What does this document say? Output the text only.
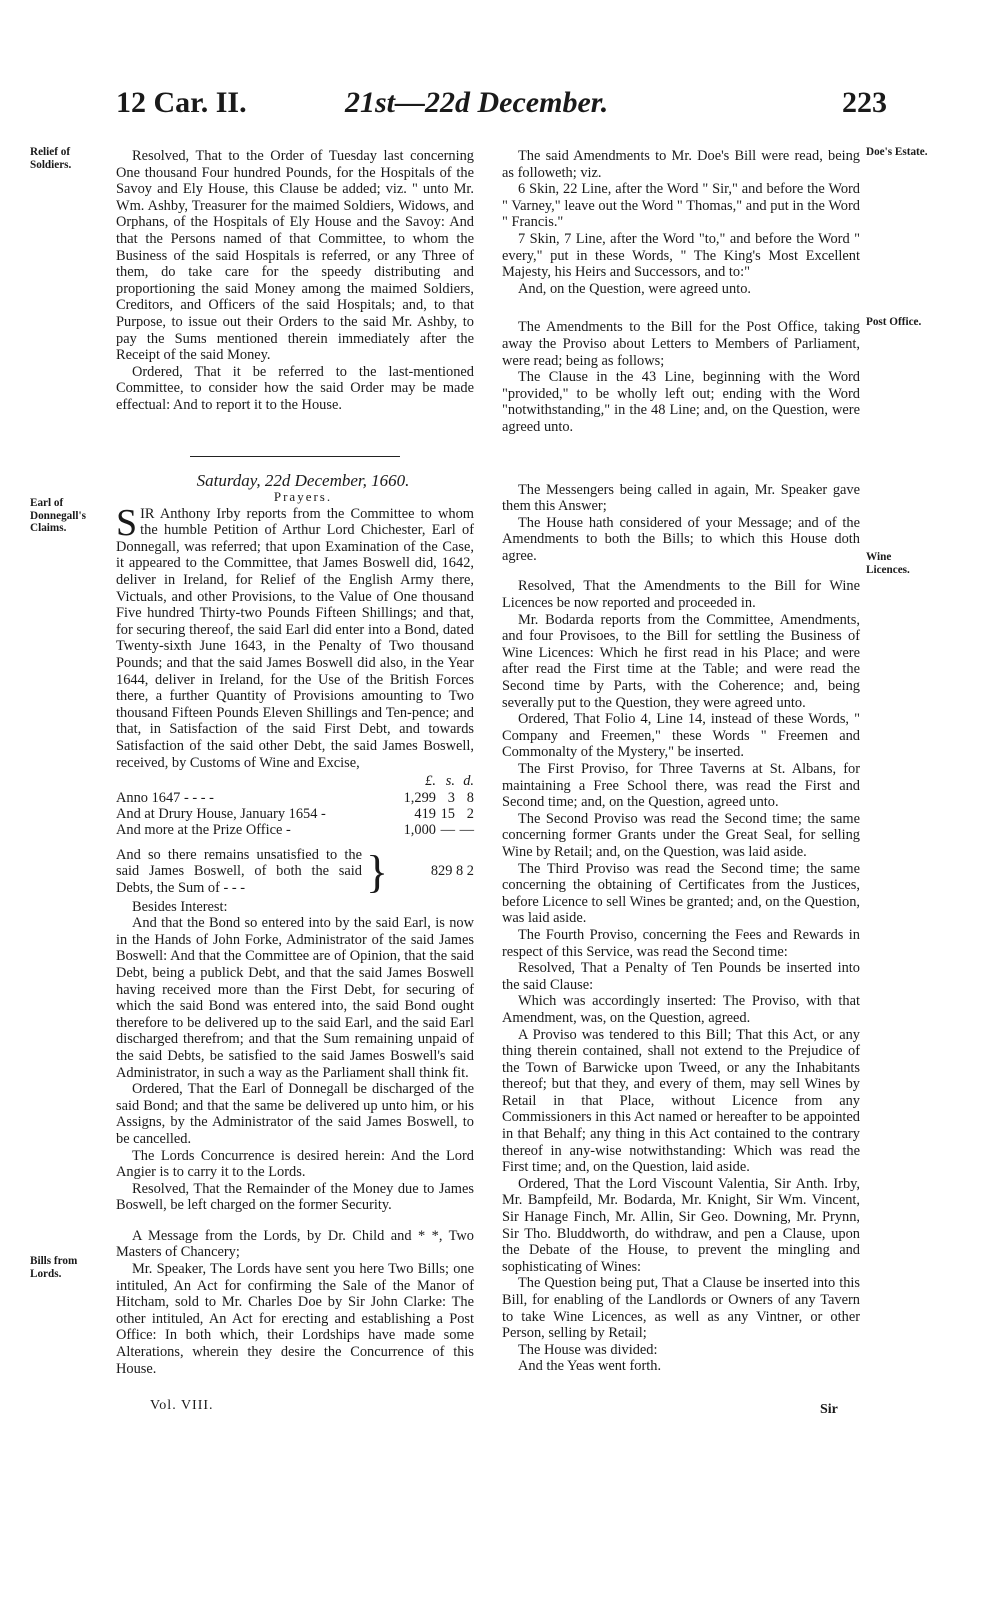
12 Car. II.	21st—22d December.	223
Relief of Soldiers.
Earl of Donnegall's Claims.
Bills from Lords.
Doe's Estate.
Post Office.
Wine Licences.

Resolved, That to the Order of Tuesday last concerning One thousand Four hundred Pounds, for the Hospitals of the Savoy and Ely House, this Clause be added; viz. " unto Mr. Wm. Ashby, Treasurer for the maimed Soldiers, Widows, and Orphans, of the Hospitals of Ely House and the Savoy: And that the Persons named of that Committee, to whom the Business of the said Hospitals is referred, or any Three of them, do take care for the speedy distributing and proportioning the said Money among the maimed Soldiers, Creditors, and Officers of the said Hospitals; and, to that Purpose, to issue out their Orders to the said Mr. Ashby, to pay the Sums mentioned therein immediately after the Receipt of the said Money.

Ordered, That it be referred to the last-mentioned Committee, to consider how the said Order may be made effectual: And to report it to the House.

Saturday, 22d December, 1660.

Prayers.

SIR Anthony Irby reports from the Committee to whom the humble Petition of Arthur Lord Chichester, Earl of Donnegall, was referred; that upon Examination of the Case, it appeared to the Committee, that James Boswell did, 1642, deliver in Ireland, for Relief of the English Army there, Victuals, and other Provisions, to the Value of One thousand Five hundred Thirty-two Pounds Fifteen Shillings; and that, for securing thereof, the said Earl did enter into a Bond, dated Twenty-sixth June 1643, in the Penalty of Two thousand Pounds; and that the said James Boswell did also, in the Year 1644, deliver in Ireland, for the Use of the British Forces there, a further Quantity of Provisions amounting to Two thousand Fifteen Pounds Eleven Shillings and Ten-pence; and that, in Satisfaction of the said First Debt, and towards Satisfaction of the said other Debt, the said James Boswell, received, by Customs of Wine and Excise,

	£.	s.	d.
Anno 1647 - - - -	1,299	3	8
And at Drury House, January 1654 -	419	15	2
And more at the Prize Office -	1,000	—	—
And so there remains unsatisfied to the said James Boswell, of both the said Debts, the Sum of - - -	}	829 8 2

Besides Interest:

And that the Bond so entered into by the said Earl, is now in the Hands of John Forke, Administrator of the said James Boswell: And that the Committee are of Opinion, that the said Debt, being a publick Debt, and that the said James Boswell having received more than the First Debt, for securing of which the said Bond was entered into, the said Bond ought therefore to be delivered up to the said Earl, and the said Earl discharged therefrom; and that the Sum remaining unpaid of the said Debts, be satisfied to the said James Boswell's said Administrator, in such a way as the Parliament shall think fit.

Ordered, That the Earl of Donnegall be discharged of the said Bond; and that the same be delivered up unto him, or his Assigns, by the Administrator of the said James Boswell, to be cancelled.

The Lords Concurrence is desired herein: And the Lord Angier is to carry it to the Lords.

Resolved, That the Remainder of the Money due to James Boswell, be left charged on the former Security.

A Message from the Lords, by Dr. Child and * *, Two Masters of Chancery;

Mr. Speaker, The Lords have sent you here Two Bills; one intituled, An Act for confirming the Sale of the Manor of Hitcham, sold to Mr. Charles Doe by Sir John Clarke: The other intituled, An Act for erecting and establishing a Post Office: In both which, their Lordships have made some Alterations, wherein they desire the Concurrence of this House.

The said Amendments to Mr. Doe's Bill were read, being as followeth; viz.

6 Skin, 22 Line, after the Word " Sir," and before the Word " Varney," leave out the Word " Thomas," and put in the Word " Francis."

7 Skin, 7 Line, after the Word "to," and before the Word " every," put in these Words, " The King's Most Excellent Majesty, his Heirs and Successors, and to:"

And, on the Question, were agreed unto.

The Amendments to the Bill for the Post Office, taking away the Proviso about Letters to Members of Parliament, were read; being as follows;

The Clause in the 43 Line, beginning with the Word "provided," to be wholly left out; ending with the Word "notwithstanding," in the 48 Line; and, on the Question, were agreed unto.

The Messengers being called in again, Mr. Speaker gave them this Answer;

The House hath considered of your Message; and of the Amendments to both the Bills; to which this House doth agree.

Resolved, That the Amendments to the Bill for Wine Licences be now reported and proceeded in.

Mr. Bodarda reports from the Committee, Amendments, and four Provisoes, to the Bill for settling the Business of Wine Licences: Which he first read in his Place; and were after read the First time at the Table; and were read the Second time by Parts, with the Coherence; and, being severally put to the Question, they were agreed unto.

Ordered, That Folio 4, Line 14, instead of these Words, " Company and Freemen," these Words " Freemen and Commonalty of the Mystery," be inserted.

The First Proviso, for Three Taverns at St. Albans, for maintaining a Free School there, was read the First and Second time; and, on the Question, agreed unto.

The Second Proviso was read the Second time; the same concerning former Grants under the Great Seal, for selling Wine by Retail; and, on the Question, was laid aside.

The Third Proviso was read the Second time; the same concerning the obtaining of Certificates from the Justices, before Licence to sell Wines be granted; and, on the Question, was laid aside.

The Fourth Proviso, concerning the Fees and Rewards in respect of this Service, was read the Second time:

Resolved, That a Penalty of Ten Pounds be inserted into the said Clause:

Which was accordingly inserted: The Proviso, with that Amendment, was, on the Question, agreed.

A Proviso was tendered to this Bill; That this Act, or any thing therein contained, shall not extend to the Prejudice of the Town of Barwicke upon Tweed, or any the Inhabitants thereof; but that they, and every of them, may sell Wines by Retail in that Place, without Licence from any Commissioners in this Act named or hereafter to be appointed in that Behalf; any thing in this Act contained to the contrary thereof in any-wise notwithstanding: Which was read the First time; and, on the Question, laid aside.

Ordered, That the Lord Viscount Valentia, Sir Anth. Irby, Mr. Bampfeild, Mr. Bodarda, Mr. Knight, Sir Wm. Vincent, Sir Hanage Finch, Mr. Allin, Sir Geo. Downing, Mr. Prynn, Sir Tho. Bluddworth, do withdraw, and pen a Clause, upon the Debate of the House, to prevent the mingling and sophisticating of Wines:

The Question being put, That a Clause be inserted into this Bill, for enabling of the Landlords or Owners of any Tavern to take Wine Licences, as well as any Vintner, or other Person, selling by Retail;

The House was divided:

And the Yeas went forth.

Vol. VIII.	Sir
